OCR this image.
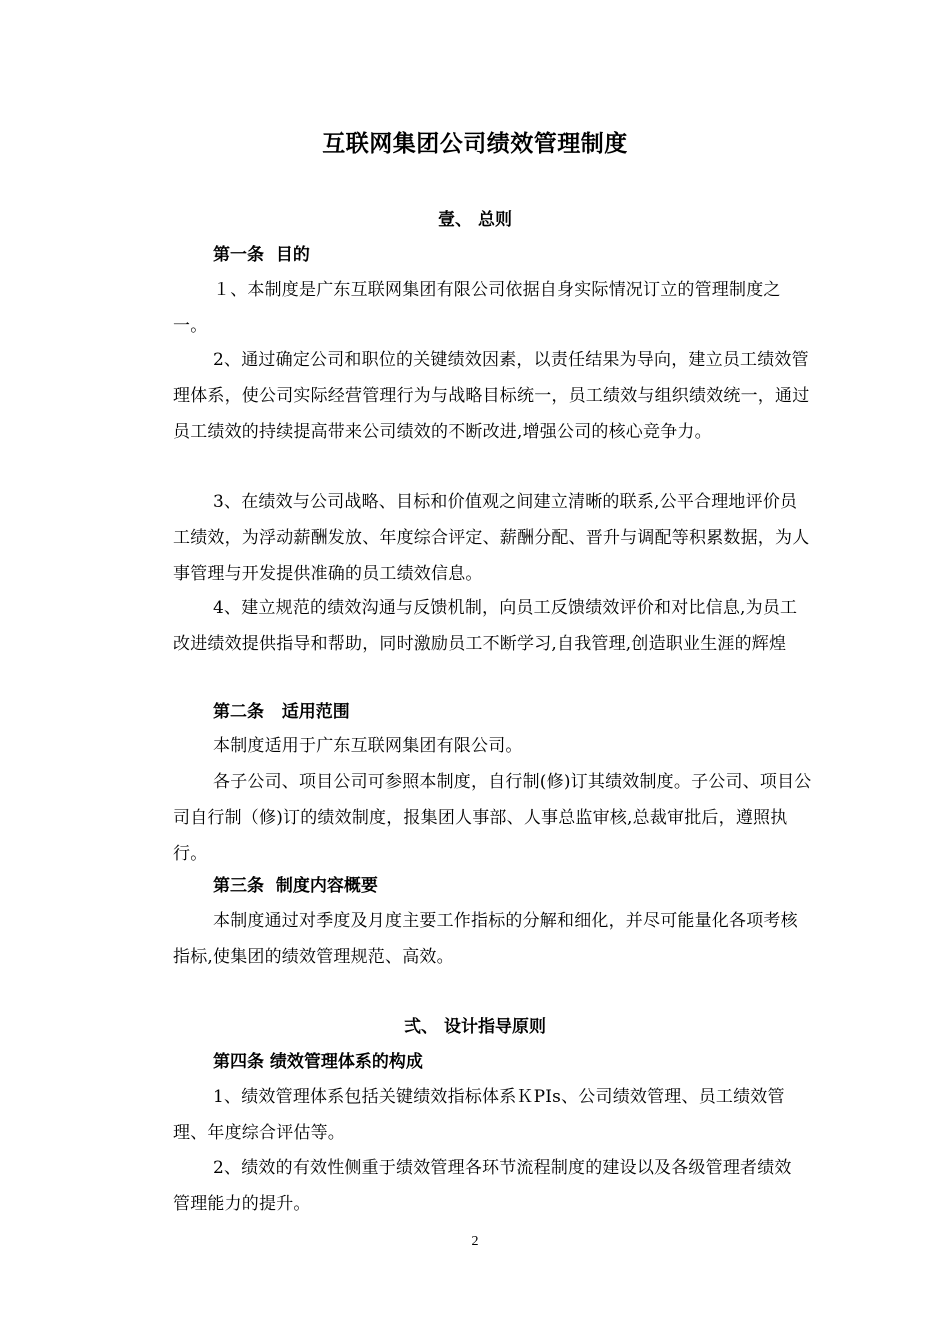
互联网集团公司绩效管理制度
壹、 总则
第一条  目的

１、本制度是广东互联网集团有限公司依据自身实际情况订立的管理制度之一。

2、通过确定公司和职位的关键绩效因素，以责任结果为导向，建立员工绩效管理体系，使公司实际经营管理行为与战略目标统一，员工绩效与组织绩效统一，通过员工绩效的持续提高带来公司绩效的不断改进,增强公司的核心竞争力。

3、在绩效与公司战略、目标和价值观之间建立清晰的联系,公平合理地评价员工绩效，为浮动薪酬发放、年度综合评定、薪酬分配、晋升与调配等积累数据，为人事管理与开发提供准确的员工绩效信息。

4、建立规范的绩效沟通与反馈机制，向员工反馈绩效评价和对比信息,为员工改进绩效提供指导和帮助，同时激励员工不断学习,自我管理,创造职业生涯的辉煌

第二条   适用范围

本制度适用于广东互联网集团有限公司。

各子公司、项目公司可参照本制度，自行制(修)订其绩效制度。子公司、项目公司自行制（修)订的绩效制度，报集团人事部、人事总监审核,总裁审批后，遵照执行。

第三条  制度内容概要

本制度通过对季度及月度主要工作指标的分解和细化，并尽可能量化各项考核指标,使集团的绩效管理规范、高效。

弍、 设计指导原则
第四条 绩效管理体系的构成

1、绩效管理体系包括关键绩效指标体系ＫPIs、公司绩效管理、员工绩效管理、年度综合评估等。

2、绩效的有效性侧重于绩效管理各环节流程制度的建设以及各级管理者绩效管理能力的提升。

2
